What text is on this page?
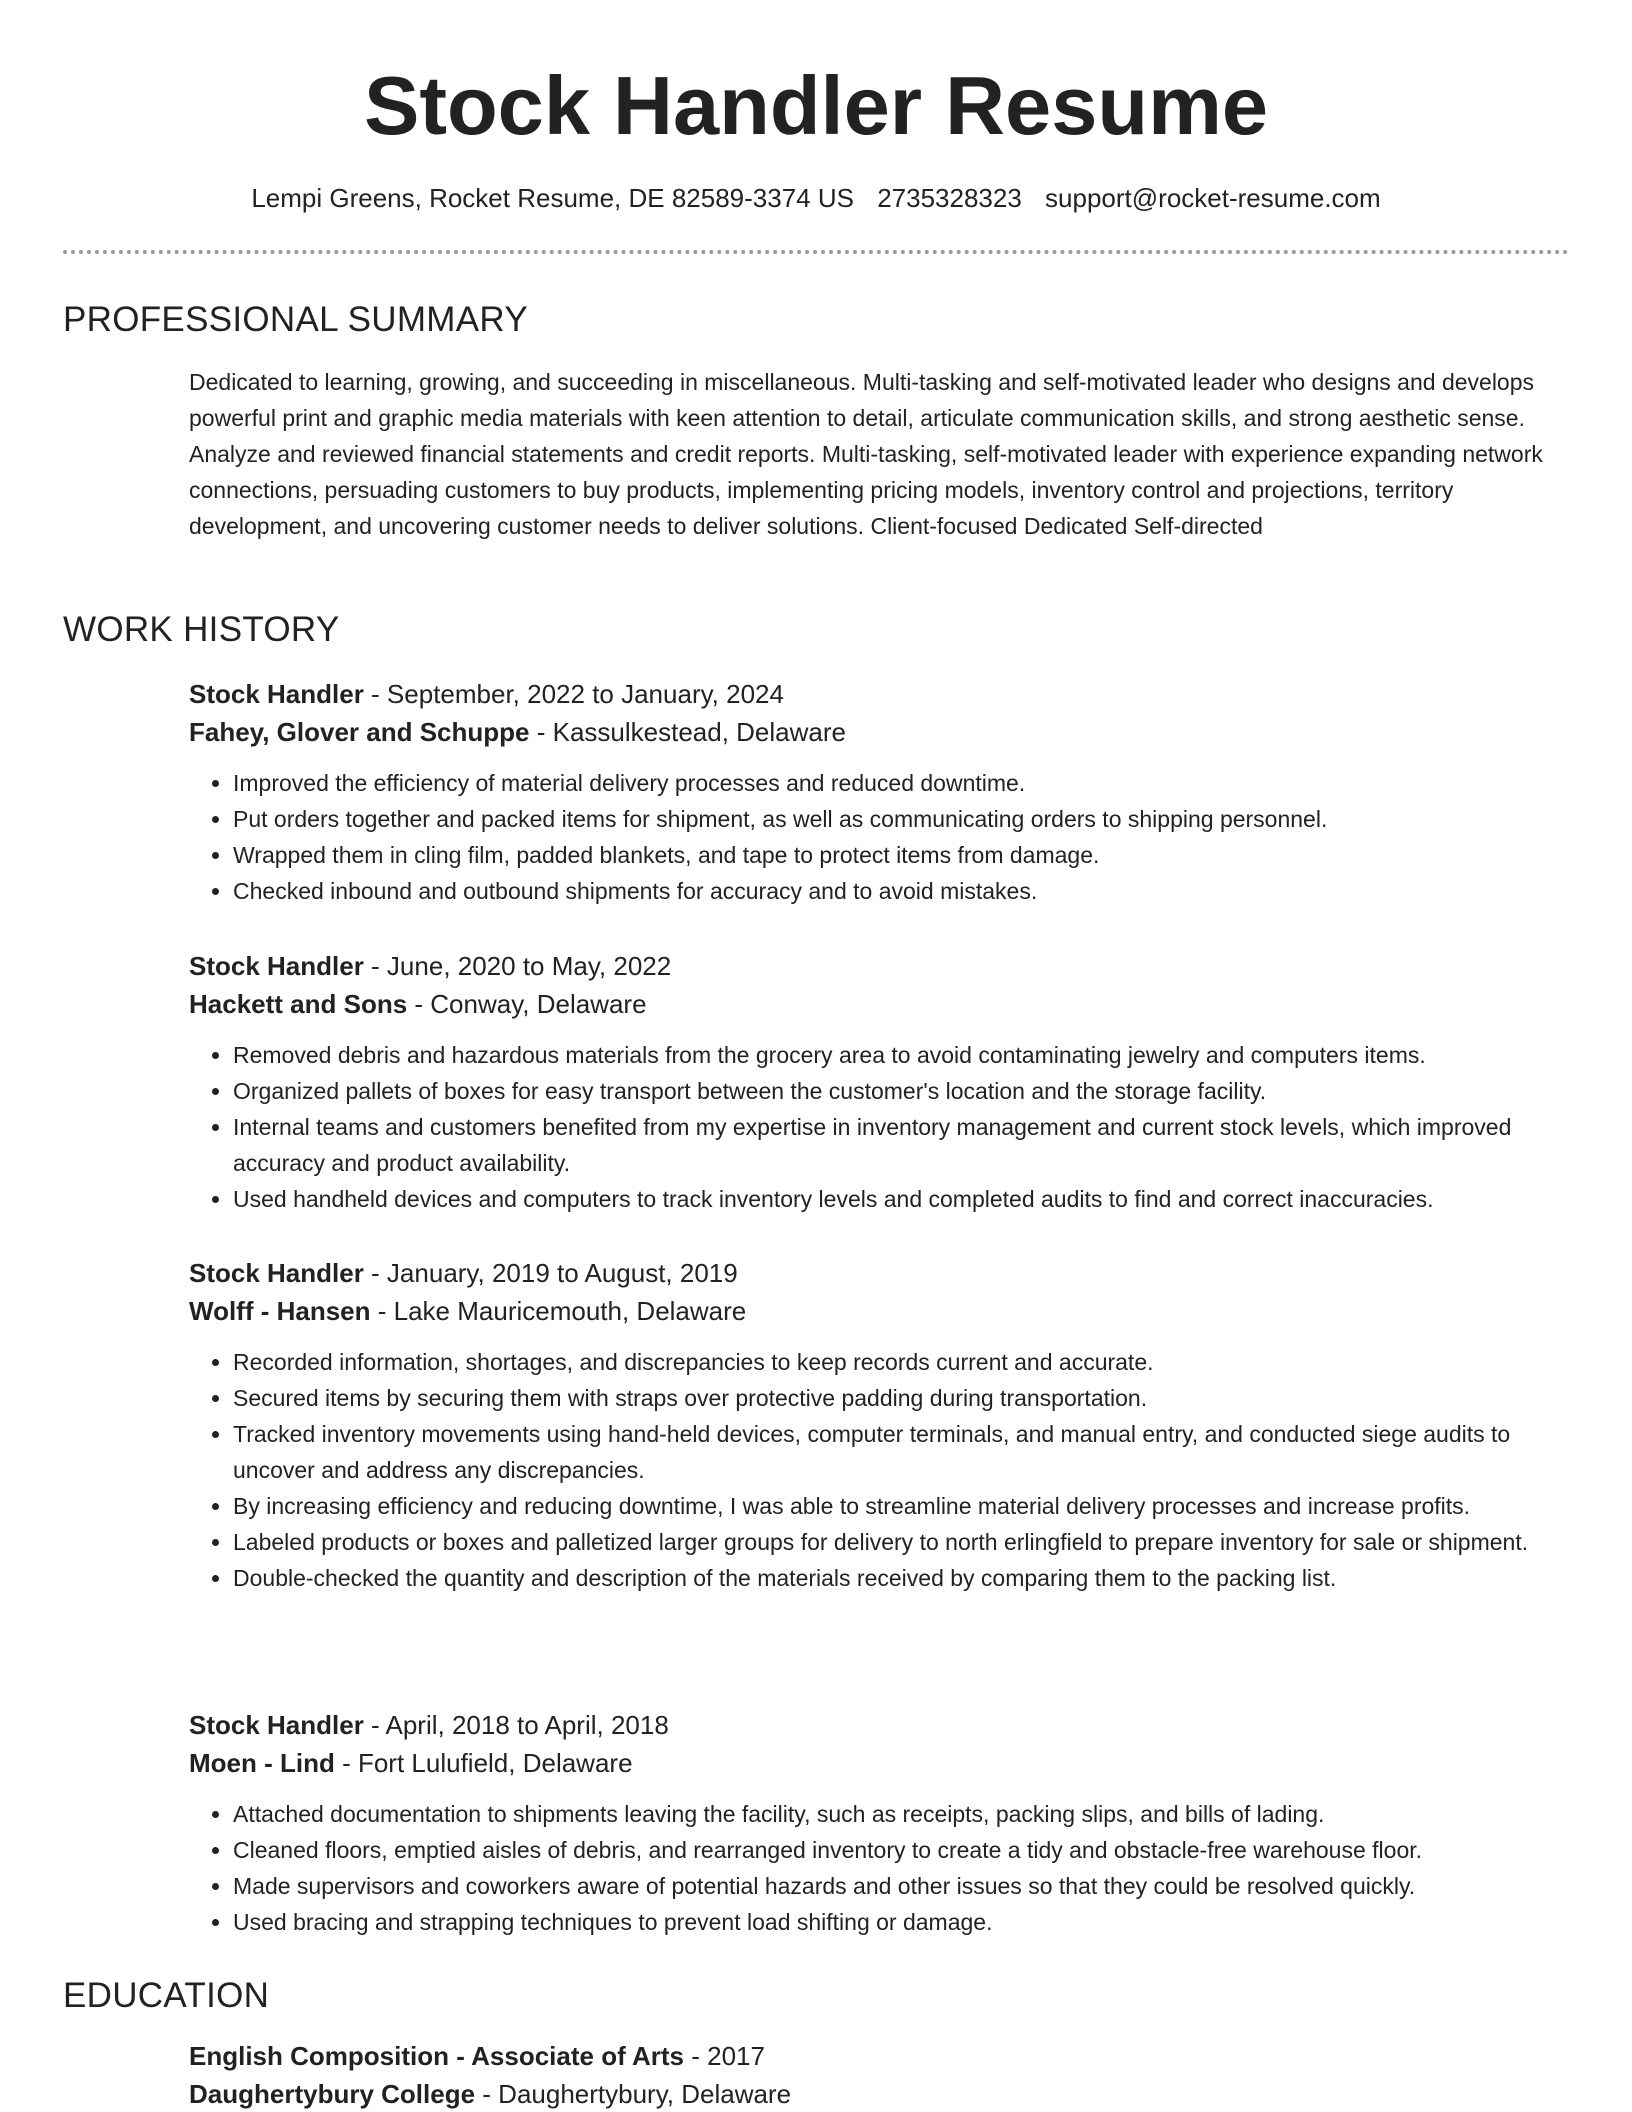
Stock Handler Resume
Lempi Greens, Rocket Resume, DE 82589-3374 US 2735328323 support@rocket-resume.com
PROFESSIONAL SUMMARY

Dedicated to learning, growing, and succeeding in miscellaneous. Multi-tasking and self-motivated leader who designs and develops powerful print and graphic media materials with keen attention to detail, articulate communication skills, and strong aesthetic sense. Analyze and reviewed financial statements and credit reports. Multi-tasking, self-motivated leader with experience expanding network connections, persuading customers to buy products, implementing pricing models, inventory control and projections, territory development, and uncovering customer needs to deliver solutions. Client-focused Dedicated Self-directed

WORK HISTORY
Stock Handler - September, 2022 to January, 2024
Fahey, Glover and Schuppe - Kassulkestead, Delaware
• Improved the efficiency of material delivery processes and reduced downtime.
• Put orders together and packed items for shipment, as well as communicating orders to shipping personnel.
• Wrapped them in cling film, padded blankets, and tape to protect items from damage.
• Checked inbound and outbound shipments for accuracy and to avoid mistakes.
Stock Handler - June, 2020 to May, 2022
Hackett and Sons - Conway, Delaware
• Removed debris and hazardous materials from the grocery area to avoid contaminating jewelry and computers items.
• Organized pallets of boxes for easy transport between the customer's location and the storage facility.
• Internal teams and customers benefited from my expertise in inventory management and current stock levels, which improved accuracy and product availability.
• Used handheld devices and computers to track inventory levels and completed audits to find and correct inaccuracies.
Stock Handler - January, 2019 to August, 2019
Wolff - Hansen - Lake Mauricemouth, Delaware
• Recorded information, shortages, and discrepancies to keep records current and accurate.
• Secured items by securing them with straps over protective padding during transportation.
• Tracked inventory movements using hand-held devices, computer terminals, and manual entry, and conducted siege audits to uncover and address any discrepancies.
• By increasing efficiency and reducing downtime, I was able to streamline material delivery processes and increase profits.
• Labeled products or boxes and palletized larger groups for delivery to north erlingfield to prepare inventory for sale or shipment.
• Double-checked the quantity and description of the materials received by comparing them to the packing list.
Stock Handler - April, 2018 to April, 2018
Moen - Lind - Fort Lulufield, Delaware
• Attached documentation to shipments leaving the facility, such as receipts, packing slips, and bills of lading.
• Cleaned floors, emptied aisles of debris, and rearranged inventory to create a tidy and obstacle-free warehouse floor.
• Made supervisors and coworkers aware of potential hazards and other issues so that they could be resolved quickly.
• Used bracing and strapping techniques to prevent load shifting or damage.
EDUCATION
English Composition - Associate of Arts - 2017
Daughertybury College - Daughertybury, Delaware
